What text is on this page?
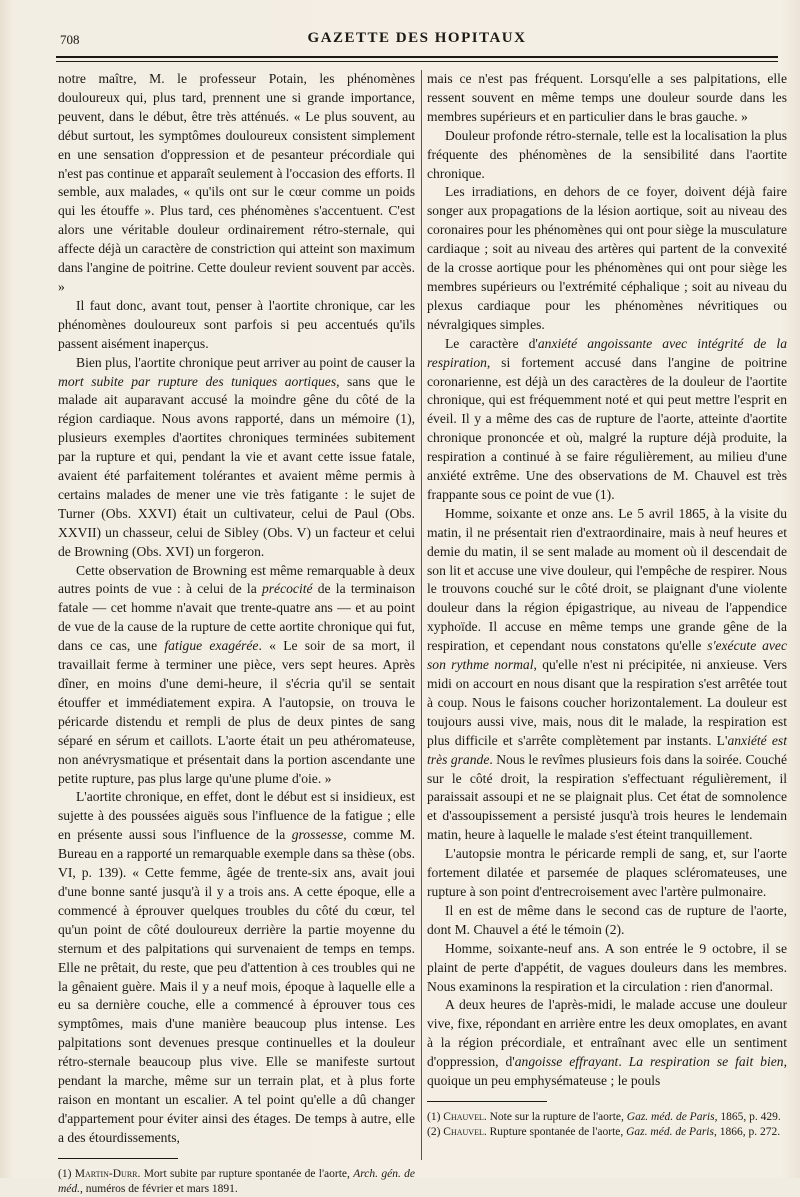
708	GAZETTE DES HOPITAUX

notre maître, M. le professeur Potain, les phénomènes douloureux qui, plus tard, prennent une si grande importance, peuvent, dans le début, être très atténués. « Le plus souvent, au début surtout, les symptômes douloureux consistent simplement en une sensation d'oppression et de pesanteur précordiale qui n'est pas continue et apparaît seulement à l'occasion des efforts. Il semble, aux malades, « qu'ils ont sur le cœur comme un poids qui les étouffe ». Plus tard, ces phénomènes s'accentuent. C'est alors une véritable douleur ordinairement rétro-sternale, qui affecte déjà un caractère de constriction qui atteint son maximum dans l'angine de poitrine. Cette douleur revient souvent par accès. »

Il faut donc, avant tout, penser à l'aortite chronique, car les phénomènes douloureux sont parfois si peu accentués qu'ils passent aisément inaperçus.

Bien plus, l'aortite chronique peut arriver au point de causer la mort subite par rupture des tuniques aortiques, sans que le malade ait auparavant accusé la moindre gêne du côté de la région cardiaque. Nous avons rapporté, dans un mémoire (1), plusieurs exemples d'aortites chroniques terminées subitement par la rupture et qui, pendant la vie et avant cette issue fatale, avaient été parfaitement tolérantes et avaient même permis à certains malades de mener une vie très fatigante : le sujet de Turner (Obs. XXVI) était un cultivateur, celui de Paul (Obs. XXVII) un chasseur, celui de Sibley (Obs. V) un facteur et celui de Browning (Obs. XVI) un forgeron.

Cette observation de Browning est même remarquable à deux autres points de vue : à celui de la précocité de la terminaison fatale — cet homme n'avait que trente-quatre ans — et au point de vue de la cause de la rupture de cette aortite chronique qui fut, dans ce cas, une fatigue exagérée. « Le soir de sa mort, il travaillait ferme à terminer une pièce, vers sept heures. Après dîner, en moins d'une demi-heure, il s'écria qu'il se sentait étouffer et immédiatement expira. A l'autopsie, on trouva le péricarde distendu et rempli de plus de deux pintes de sang séparé en sérum et caillots. L'aorte était un peu athéromateuse, non anévrysmatique et présentait dans la portion ascendante une petite rupture, pas plus large qu'une plume d'oie. »

L'aortite chronique, en effet, dont le début est si insidieux, est sujette à des poussées aiguës sous l'influence de la fatigue ; elle en présente aussi sous l'influence de la grossesse, comme M. Bureau en a rapporté un remarquable exemple dans sa thèse (obs. VI, p. 139). « Cette femme, âgée de trente-six ans, avait joui d'une bonne santé jusqu'à il y a trois ans. A cette époque, elle a commencé à éprouver quelques troubles du côté du cœur, tel qu'un point de côté douloureux derrière la partie moyenne du sternum et des palpitations qui survenaient de temps en temps. Elle ne prêtait, du reste, que peu d'attention à ces troubles qui ne la gênaient guère. Mais il y a neuf mois, époque à laquelle elle a eu sa dernière couche, elle a commencé à éprouver tous ces symptômes, mais d'une manière beaucoup plus intense. Les palpitations sont devenues presque continuelles et la douleur rétro-sternale beaucoup plus vive. Elle se manifeste surtout pendant la marche, même sur un terrain plat, et à plus forte raison en montant un escalier. A tel point qu'elle a dû changer d'appartement pour éviter ainsi des étages. De temps à autre, elle a des étourdissements,

(1) Martin-Durr. Mort subite par rupture spontanée de l'aorte, Arch. gén. de méd., numéros de février et mars 1891.

mais ce n'est pas fréquent. Lorsqu'elle a ses palpitations, elle ressent souvent en même temps une douleur sourde dans les membres supérieurs et en particulier dans le bras gauche. »

Douleur profonde rétro-sternale, telle est la localisation la plus fréquente des phénomènes de la sensibilité dans l'aortite chronique.

Les irradiations, en dehors de ce foyer, doivent déjà faire songer aux propagations de la lésion aortique, soit au niveau des coronaires pour les phénomènes qui ont pour siège la musculature cardiaque ; soit au niveau des artères qui partent de la convexité de la crosse aortique pour les phénomènes qui ont pour siège les membres supérieurs ou l'extrémité céphalique ; soit au niveau du plexus cardiaque pour les phénomènes névritiques ou névralgiques simples.

Le caractère d'anxiété angoissante avec intégrité de la respiration, si fortement accusé dans l'angine de poitrine coronarienne, est déjà un des caractères de la douleur de l'aortite chronique, qui est fréquemment noté et qui peut mettre l'esprit en éveil. Il y a même des cas de rupture de l'aorte, atteinte d'aortite chronique prononcée et où, malgré la rupture déjà produite, la respiration a continué à se faire régulièrement, au milieu d'une anxiété extrême. Une des observations de M. Chauvel est très frappante sous ce point de vue (1).

Homme, soixante et onze ans. Le 5 avril 1865, à la visite du matin, il ne présentait rien d'extraordinaire, mais à neuf heures et demie du matin, il se sent malade au moment où il descendait de son lit et accuse une vive douleur, qui l'empêche de respirer. Nous le trouvons couché sur le côté droit, se plaignant d'une violente douleur dans la région épigastrique, au niveau de l'appendice xyphoïde. Il accuse en même temps une grande gêne de la respiration, et cependant nous constatons qu'elle s'exécute avec son rythme normal, qu'elle n'est ni précipitée, ni anxieuse. Vers midi on accourt en nous disant que la respiration s'est arrêtée tout à coup. Nous le faisons coucher horizontalement. La douleur est toujours aussi vive, mais, nous dit le malade, la respiration est plus difficile et s'arrête complètement par instants. L'anxiété est très grande. Nous le revîmes plusieurs fois dans la soirée. Couché sur le côté droit, la respiration s'effectuant régulièrement, il paraissait assoupi et ne se plaignait plus. Cet état de somnolence et d'assoupissement a persisté jusqu'à trois heures le lendemain matin, heure à laquelle le malade s'est éteint tranquillement.

L'autopsie montra le péricarde rempli de sang, et, sur l'aorte fortement dilatée et parsemée de plaques scléromateuses, une rupture à son point d'entrecroisement avec l'artère pulmonaire.

Il en est de même dans le second cas de rupture de l'aorte, dont M. Chauvel a été le témoin (2).

Homme, soixante-neuf ans. A son entrée le 9 octobre, il se plaint de perte d'appétit, de vagues douleurs dans les membres. Nous examinons la respiration et la circulation : rien d'anormal.

A deux heures de l'après-midi, le malade accuse une douleur vive, fixe, répondant en arrière entre les deux omoplates, en avant à la région précordiale, et entraînant avec elle un sentiment d'oppression, d'angoisse effrayant. La respiration se fait bien, quoique un peu emphysémateuse ; le pouls

(1) Chauvel. Note sur la rupture de l'aorte, Gaz. méd. de Paris, 1865, p. 429.

(2) Chauvel. Rupture spontanée de l'aorte, Gaz. méd. de Paris, 1866, p. 272.
